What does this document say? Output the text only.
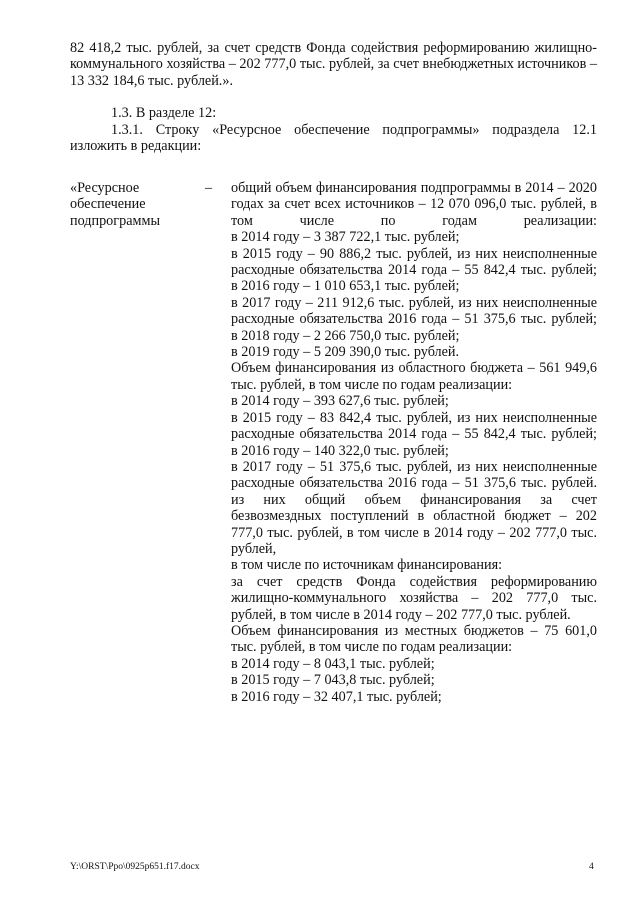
82 418,2 тыс. рублей, за счет средств Фонда содействия реформированию жилищно-коммунального хозяйства – 202 777,0 тыс. рублей, за счет внебюджетных источников – 13 332 184,6 тыс. рублей.».

1.3. В разделе 12:

1.3.1. Строку «Ресурсное обеспечение подпрограммы» подраздела 12.1 изложить в редакции:

«Ресурсное обеспечение подпрограммы

– общий объем финансирования подпрограммы в 2014 – 2020 годах за счет всех источников – 12 070 096,0 тыс. рублей, в том числе по годам реализации:

в 2014 году – 3 387 722,1 тыс. рублей;

в 2015 году – 90 886,2 тыс. рублей, из них неисполненные расходные обязательства 2014 года – 55 842,4 тыс. рублей;

в 2016 году – 1 010 653,1 тыс. рублей;

в 2017 году – 211 912,6 тыс. рублей, из них неисполненные расходные обязательства 2016 года – 51 375,6 тыс. рублей;

в 2018 году – 2 266 750,0 тыс. рублей;

в 2019 году – 5 209 390,0 тыс. рублей.

Объем финансирования из областного бюджета – 561 949,6 тыс. рублей, в том числе по годам реализации:

в 2014 году – 393 627,6 тыс. рублей;

в 2015 году – 83 842,4 тыс. рублей, из них неисполненные расходные обязательства 2014 года – 55 842,4 тыс. рублей;

в 2016 году – 140 322,0 тыс. рублей;

в 2017 году – 51 375,6 тыс. рублей, из них неисполненные расходные обязательства 2016 года – 51 375,6 тыс. рублей.

из них общий объем финансирования за счет безвозмездных поступлений в областной бюджет – 202 777,0 тыс. рублей, в том числе в 2014 году – 202 777,0 тыс. рублей,

в том числе по источникам финансирования:

за счет средств Фонда содействия реформированию жилищно-коммунального хозяйства – 202 777,0 тыс. рублей, в том числе в 2014 году – 202 777,0 тыс. рублей.

Объем финансирования из местных бюджетов – 75 601,0 тыс. рублей, в том числе по годам реализации:

в 2014 году – 8 043,1 тыс. рублей;

в 2015 году – 7 043,8 тыс. рублей;

в 2016 году – 32 407,1 тыс. рублей;

Y:\ORST\Ppo\0925p651.f17.docx	4
